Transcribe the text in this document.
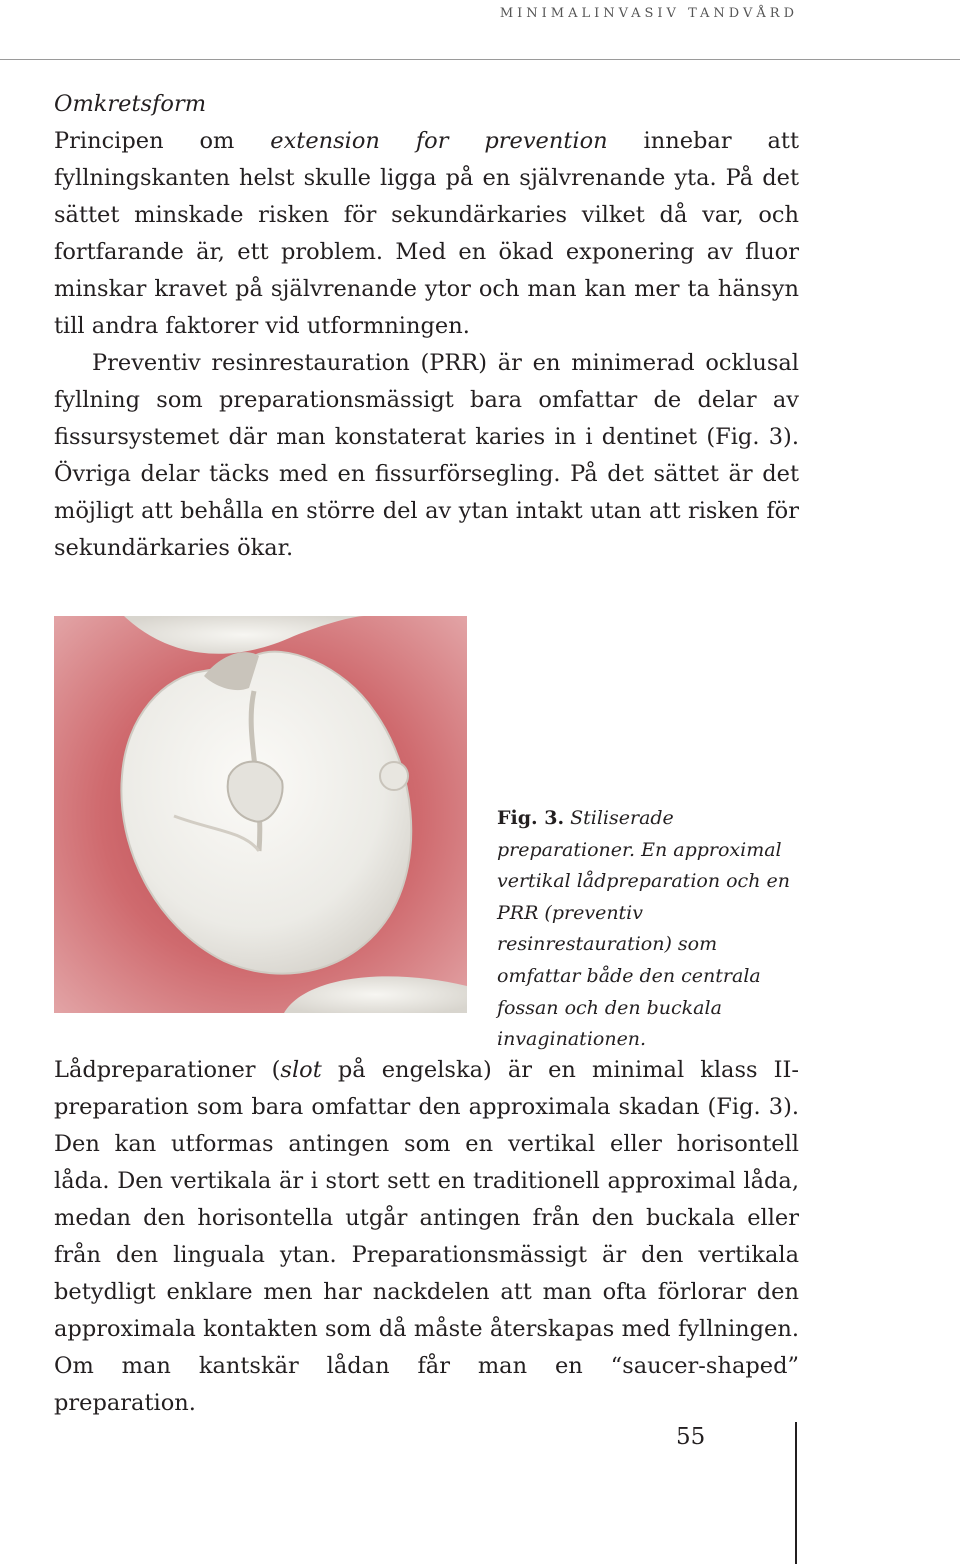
MINIMALINVASIV TANDVÅRD

Omkretsform

Principen om extension for prevention innebar att fyllningskanten helst skulle ligga på en självrenande yta. På det sättet minskade risken för sekundärkaries vilket då var, och fortfarande är, ett problem. Med en ökad exponering av fluor minskar kravet på självrenande ytor och man kan mer ta hänsyn till andra faktorer vid utformningen.

Preventiv resinrestauration (PRR) är en minimerad ocklusal fyllning som preparationsmässigt bara omfattar de delar av fissursystemet där man konstaterat karies in i dentinet (Fig. 3). Övriga delar täcks med en fissurförsegling. På det sättet är det möjligt att behålla en större del av ytan intakt utan att risken för sekundärkaries ökar.

Fig. 3. Stiliserade preparationer. En approximal vertikal lådpreparation och en PRR (preventiv resinrestauration) som omfattar både den centrala fossan och den buckala invaginationen.

Lådpreparationer (slot på engelska) är en minimal klass II-preparation som bara omfattar den approximala skadan (Fig. 3). Den kan utformas antingen som en vertikal eller horisontell låda. Den vertikala är i stort sett en traditionell approximal låda, medan den horisontella utgår antingen från den buckala eller från den linguala ytan. Preparationsmässigt är den vertikala betydligt enklare men har nackdelen att man ofta förlorar den approximala kontakten som då måste återskapas med fyllningen. Om man kantskär lådan får man en “saucer-shaped” preparation.

55
